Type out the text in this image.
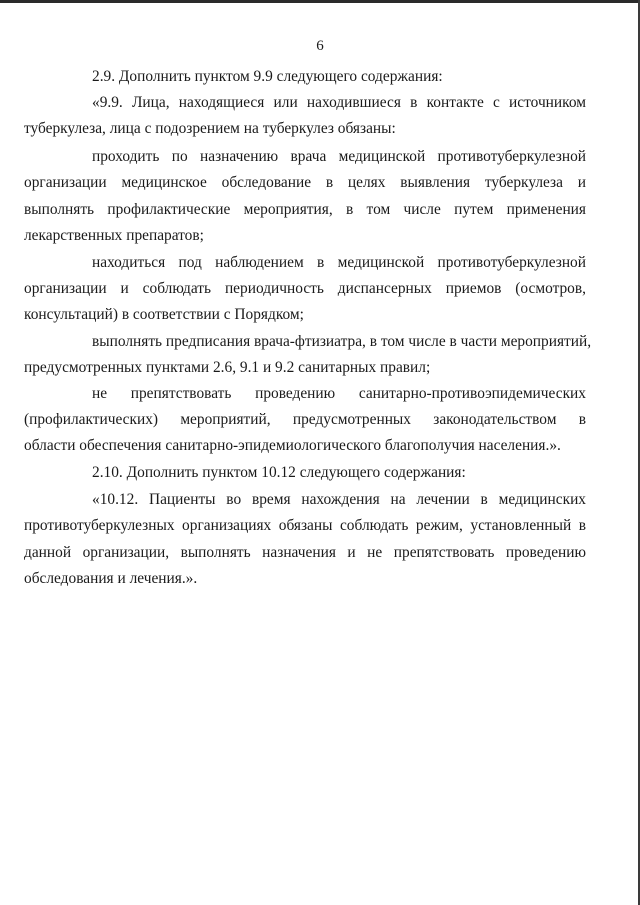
6
2.9. Дополнить пунктом 9.9 следующего содержания:
«9.9. Лица, находящиеся или находившиеся в контакте с источником
туберкулеза, лица с подозрением на туберкулез обязаны:
проходить по назначению врача медицинской противотуберкулезной
организации медицинское обследование в целях выявления туберкулеза и
выполнять профилактические мероприятия, в том числе путем применения
лекарственных препаратов;
находиться под наблюдением в медицинской противотуберкулезной
организации и соблюдать периодичность диспансерных приемов (осмотров,
консультаций) в соответствии с Порядком;
выполнять предписания врача-фтизиатра, в том числе в части мероприятий,
предусмотренных пунктами 2.6, 9.1 и 9.2 санитарных правил;
не препятствовать проведению санитарно-противоэпидемических
(профилактических) мероприятий, предусмотренных законодательством в
области обеспечения санитарно-эпидемиологического благополучия населения.».
2.10. Дополнить пунктом 10.12 следующего содержания:
«10.12. Пациенты во время нахождения на лечении в медицинских
противотуберкулезных организациях обязаны соблюдать режим, установленный в
данной организации, выполнять назначения и не препятствовать проведению
обследования и лечения.».
